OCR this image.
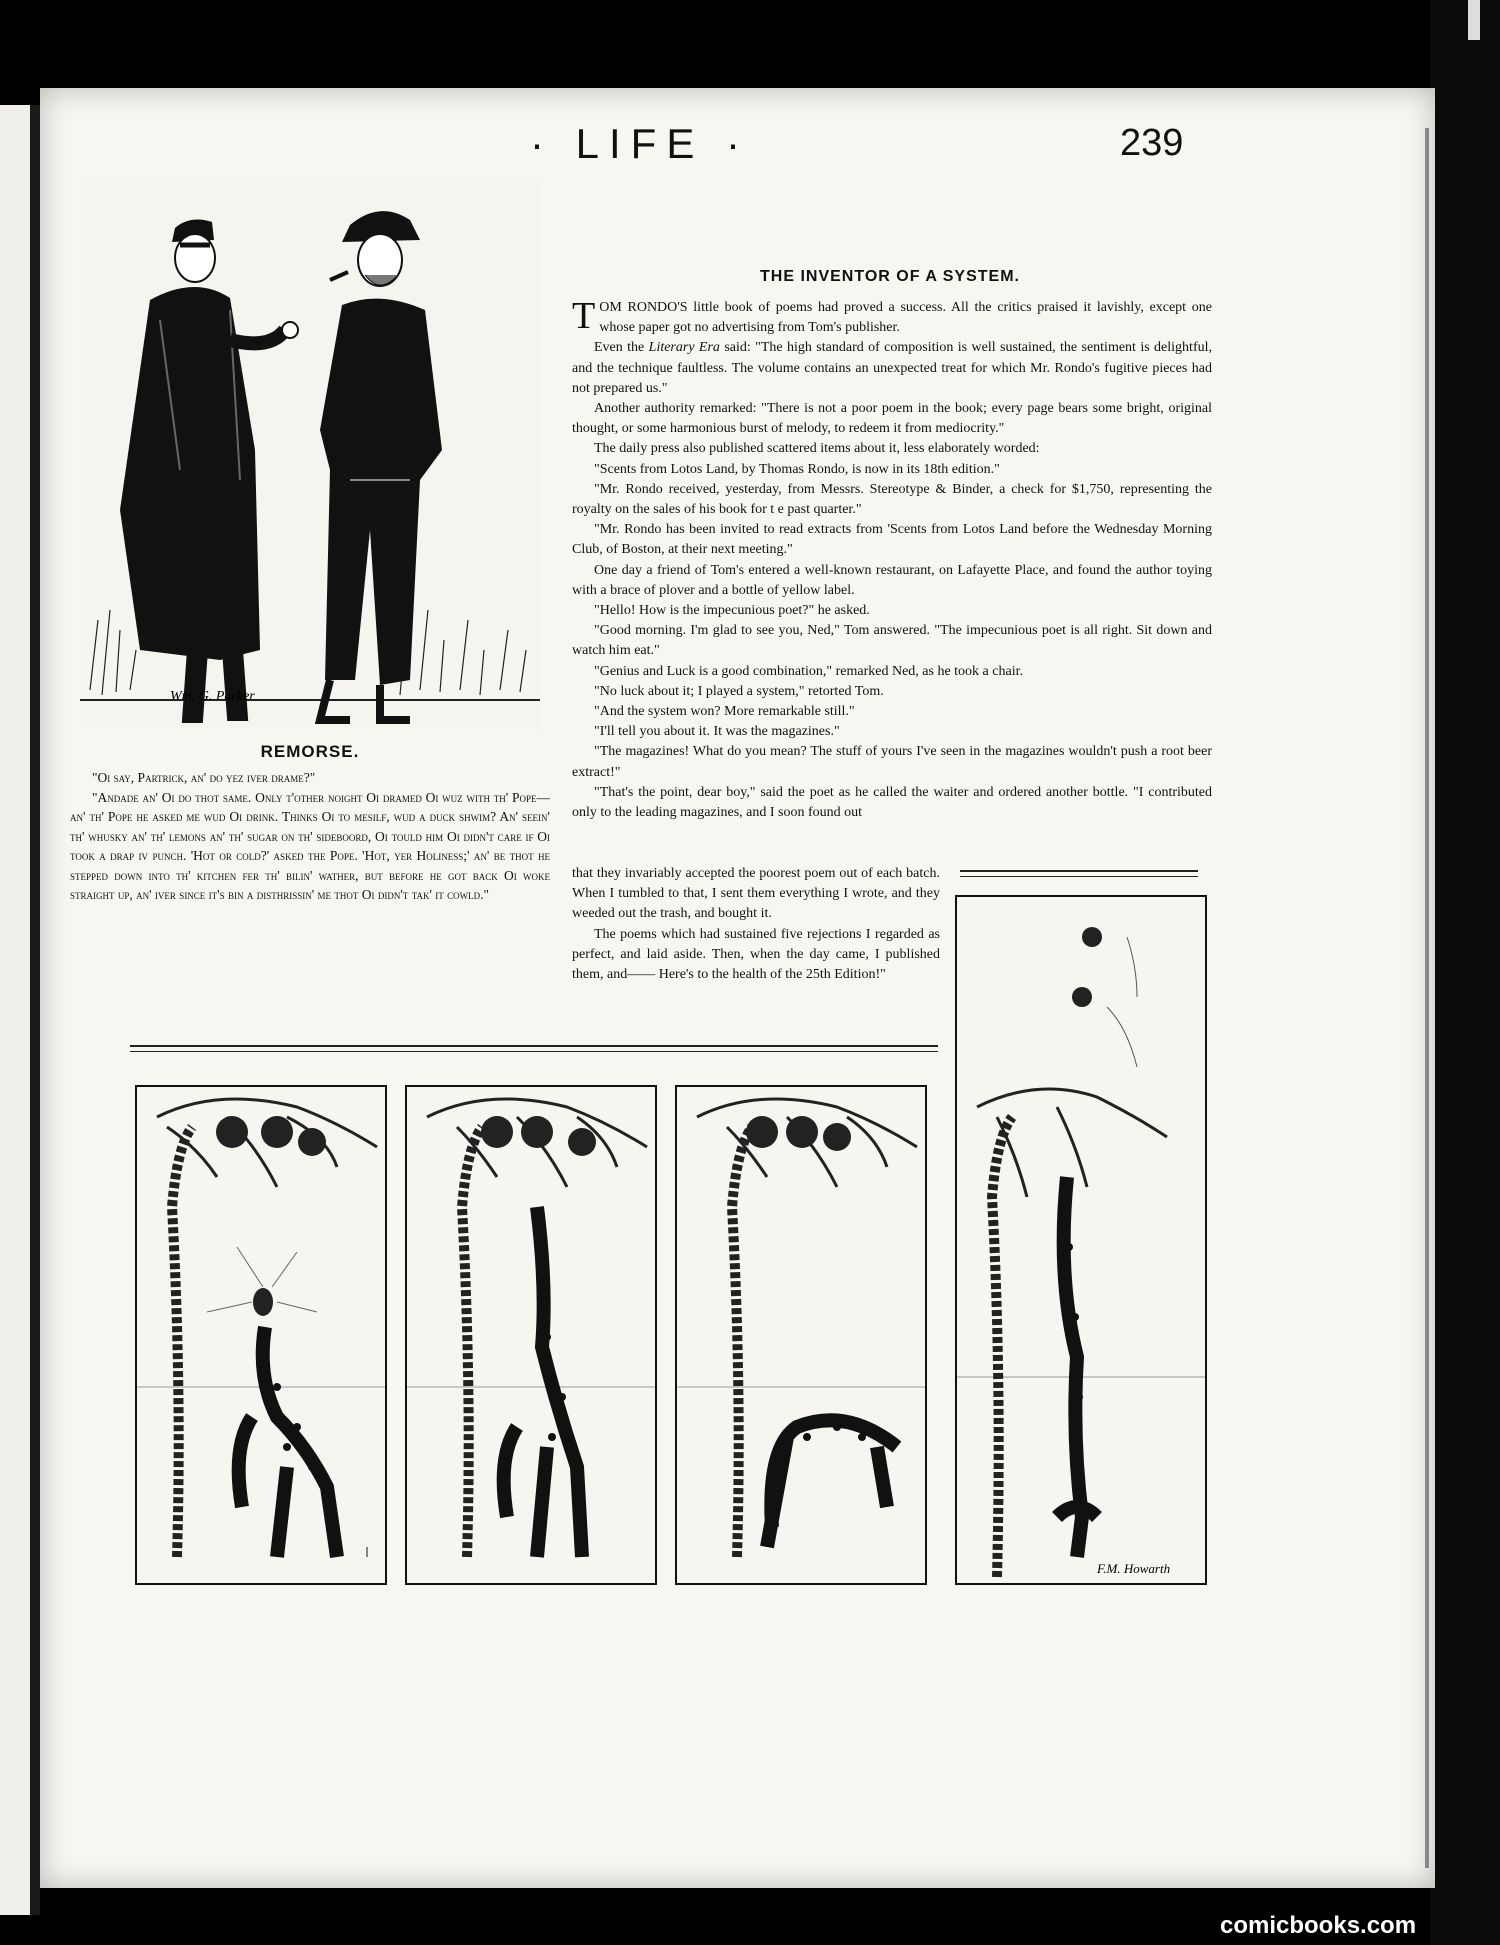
· LIFE ·	239
Wm. G. Parker
REMORSE.

"Oi say, Partrick, an' do yez iver drame?"

"Andade an' Oi do thot same. Only t'other noight Oi dramed Oi wuz with th' Pope—an' th' Pope he asked me wud Oi drink. Thinks Oi to mesilf, wud a duck shwim? An' seein' th' whusky an' th' lemons an' th' sugar on th' sideboord, Oi tould him Oi didn't care if Oi took a drap iv punch. 'Hot or cold?' asked the Pope. 'Hot, yer Holiness;' an' be thot he stepped down into th' kitchen fer th' bilin' wather, but before he got back Oi woke straight up, an' iver since it's bin a disthrissin' me thot Oi didn't tak' it cowld."

THE INVENTOR OF A SYSTEM.

TOM RONDO'S little book of poems had proved a success. All the critics praised it lavishly, except one whose paper got no advertising from Tom's publisher.

Even the Literary Era said: "The high standard of composition is well sustained, the sentiment is delightful, and the technique faultless. The volume contains an unexpected treat for which Mr. Rondo's fugitive pieces had not prepared us."

Another authority remarked: "There is not a poor poem in the book; every page bears some bright, original thought, or some harmonious burst of melody, to redeem it from mediocrity."

The daily press also published scattered items about it, less elaborately worded:

"Scents from Lotos Land, by Thomas Rondo, is now in its 18th edition."

"Mr. Rondo received, yesterday, from Messrs. Stereotype & Binder, a check for $1,750, representing the royalty on the sales of his book for t e past quarter."

"Mr. Rondo has been invited to read extracts from 'Scents from Lotos Land before the Wednesday Morning Club, of Boston, at their next meeting."

One day a friend of Tom's entered a well-known restaurant, on Lafayette Place, and found the author toying with a brace of plover and a bottle of yellow label.

"Hello! How is the impecunious poet?" he asked.

"Good morning. I'm glad to see you, Ned," Tom answered. "The impecunious poet is all right. Sit down and watch him eat."

"Genius and Luck is a good combination," remarked Ned, as he took a chair.

"No luck about it; I played a system," retorted Tom.

"And the system won? More remarkable still."

"I'll tell you about it. It was the magazines."

"The magazines! What do you mean? The stuff of yours I've seen in the magazines wouldn't push a root beer extract!"

"That's the point, dear boy," said the poet as he called the waiter and ordered another bottle. "I contributed only to the leading magazines, and I soon found out

that they invariably accepted the poorest poem out of each batch. When I tumbled to that, I sent them everything I wrote, and they weeded out the trash, and bought it.

The poems which had sustained five rejections I regarded as perfect, and laid aside. Then, when the day came, I published them, and—— Here's to the health of the 25th Edition!"

F.M. Howarth
comicbooks.com
